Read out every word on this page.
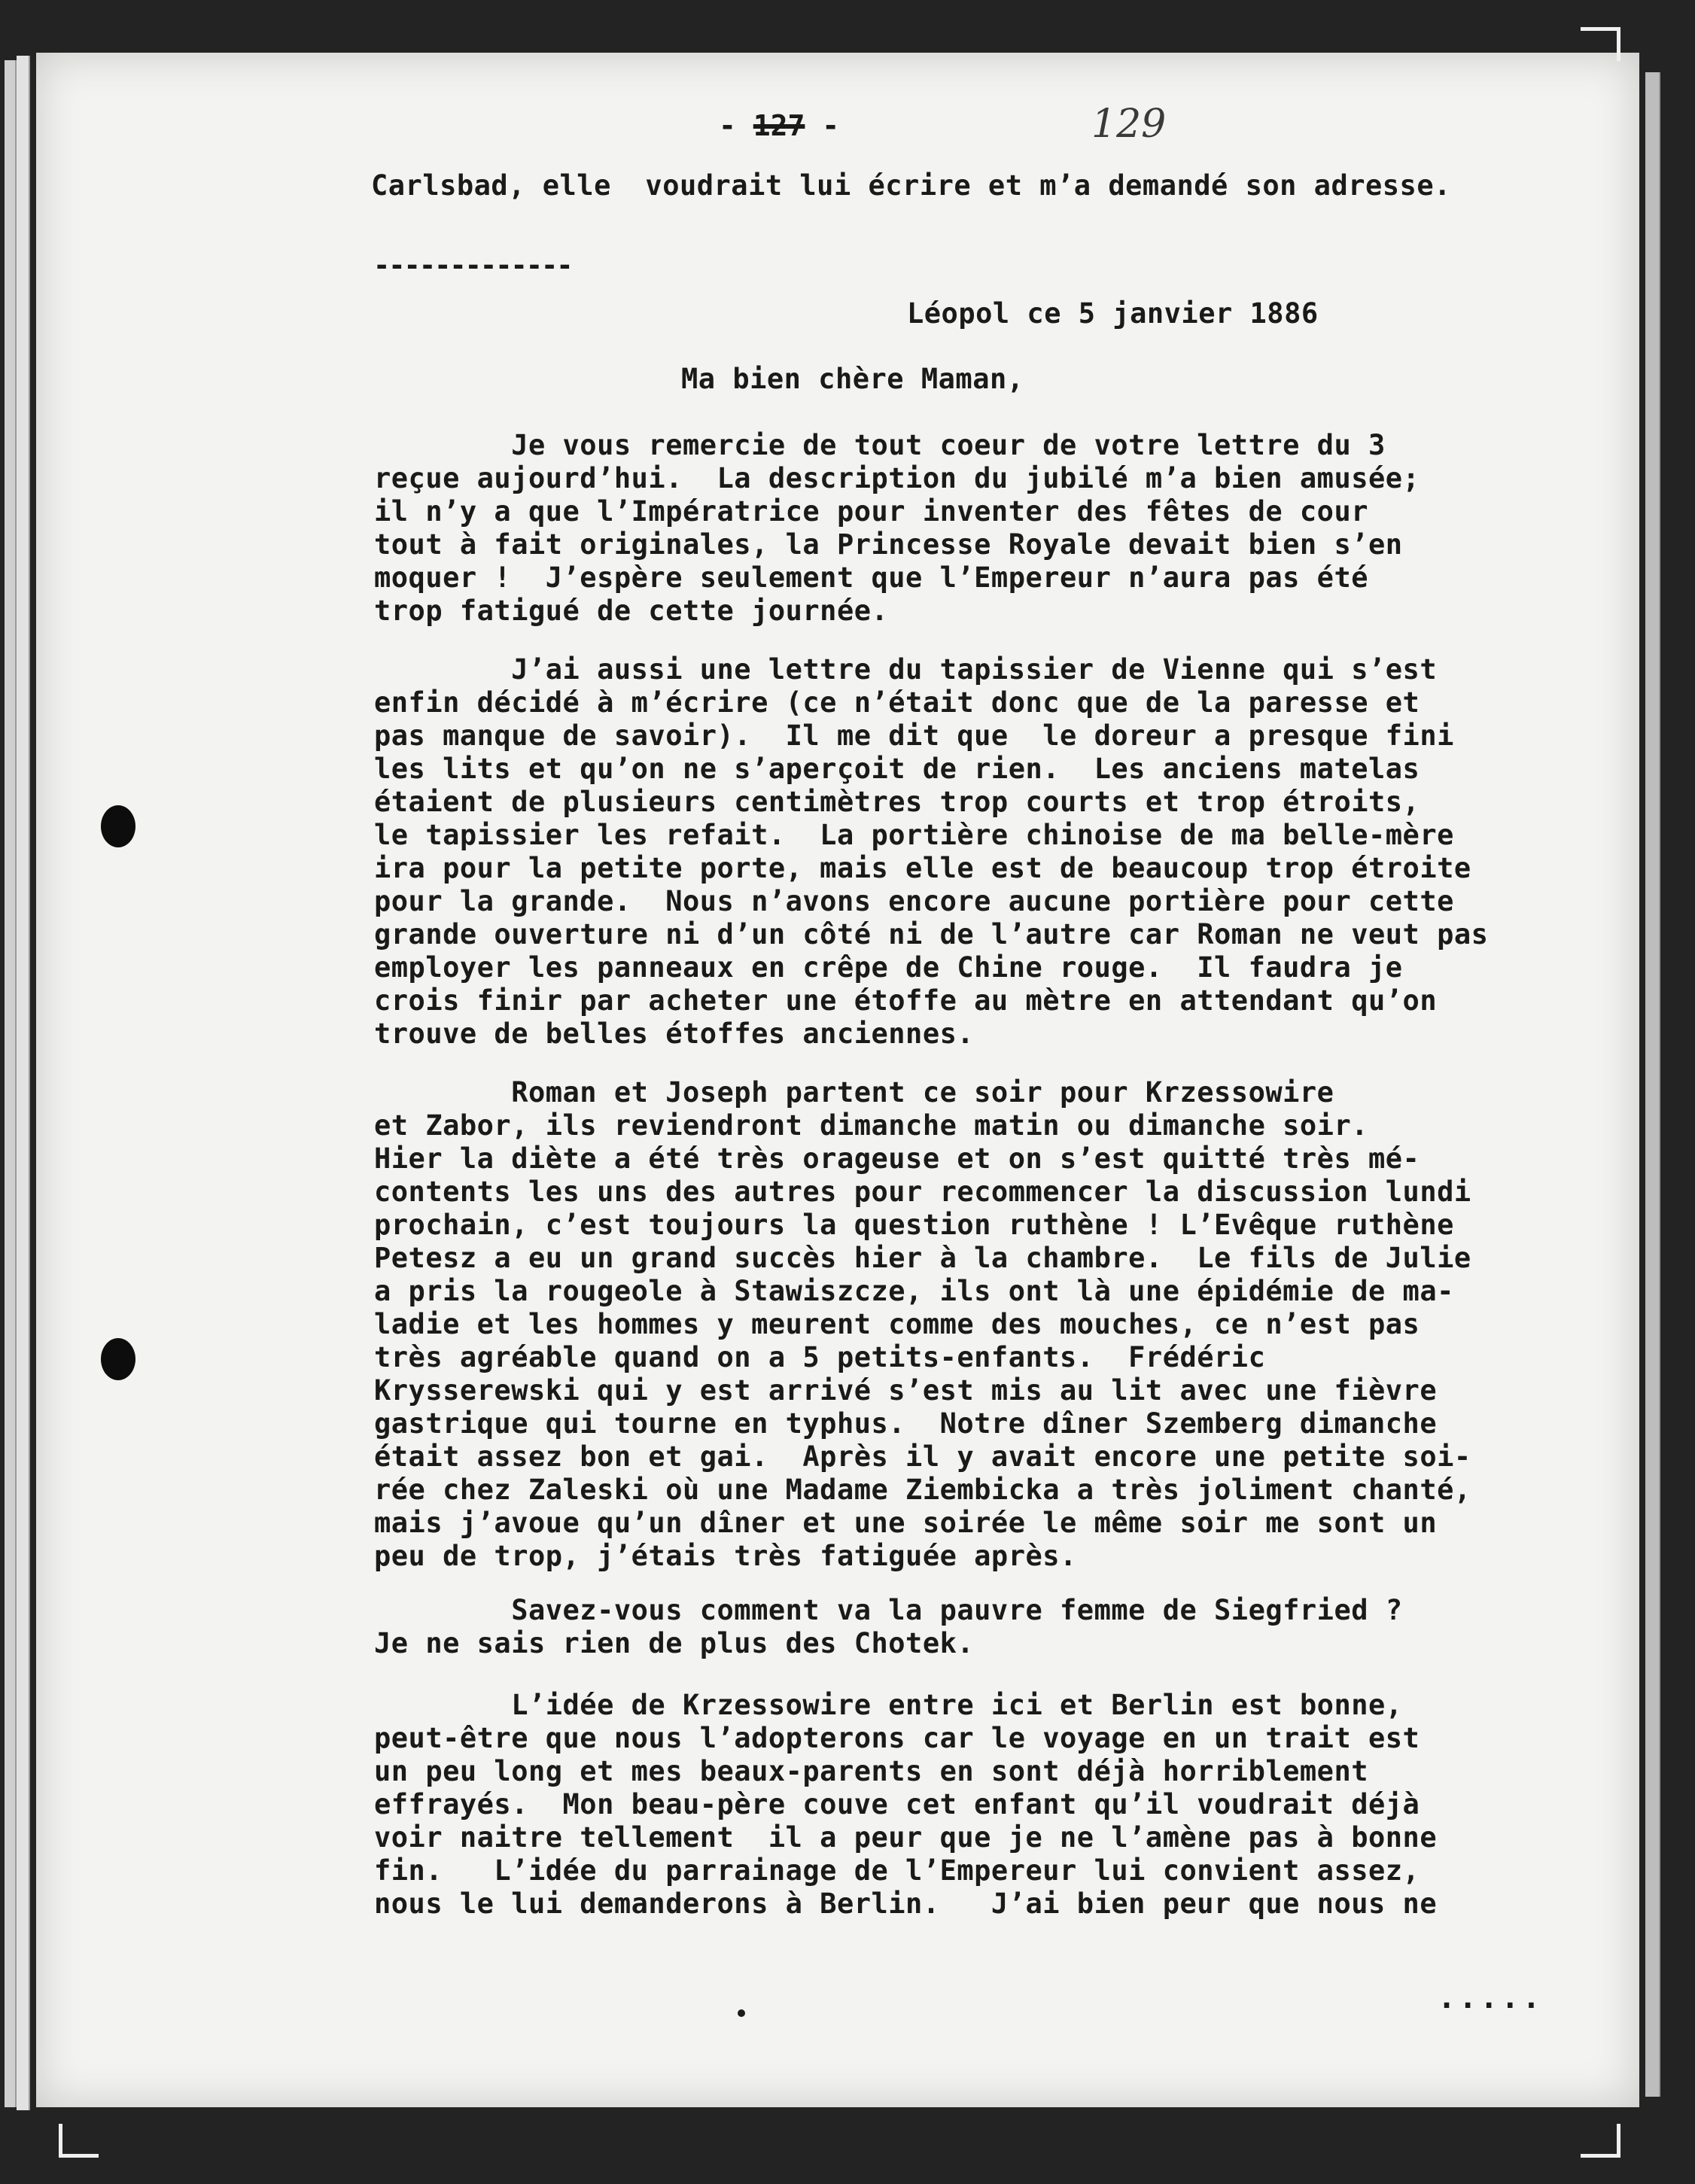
- 127 -	129
Carlsbad, elle  voudrait lui écrire et m’a demandé son adresse.
-------------
Léopol ce 5 janvier 1886
Ma bien chère Maman,
Je vous remercie de tout coeur de votre lettre du 3
reçue aujourd’hui.  La description du jubilé m’a bien amusée;
il n’y a que l’Impératrice pour inventer des fêtes de cour
tout à fait originales, la Princesse Royale devait bien s’en
moquer !  J’espère seulement que l’Empereur n’aura pas été
trop fatigué de cette journée.
J’ai aussi une lettre du tapissier de Vienne qui s’est
enfin décidé à m’écrire (ce n’était donc que de la paresse et
pas manque de savoir).  Il me dit que  le doreur a presque fini
les lits et qu’on ne s’aperçoit de rien.  Les anciens matelas
étaient de plusieurs centimètres trop courts et trop étroits,
le tapissier les refait.  La portière chinoise de ma belle-mère
ira pour la petite porte, mais elle est de beaucoup trop étroite
pour la grande.  Nous n’avons encore aucune portière pour cette
grande ouverture ni d’un côté ni de l’autre car Roman ne veut pas
employer les panneaux en crêpe de Chine rouge.  Il faudra je
crois finir par acheter une étoffe au mètre en attendant qu’on
trouve de belles étoffes anciennes.
Roman et Joseph partent ce soir pour Krzessowire
et Zabor, ils reviendront dimanche matin ou dimanche soir.
Hier la diète a été très orageuse et on s’est quitté très mé-
contents les uns des autres pour recommencer la discussion lundi
prochain, c’est toujours la question ruthène ! L’Evêque ruthène
Petesz a eu un grand succès hier à la chambre.  Le fils de Julie
a pris la rougeole à Stawiszcze, ils ont là une épidémie de ma-
ladie et les hommes y meurent comme des mouches, ce n’est pas
très agréable quand on a 5 petits-enfants.  Frédéric
Krysserewski qui y est arrivé s’est mis au lit avec une fièvre
gastrique qui tourne en typhus.  Notre dîner Szemberg dimanche
était assez bon et gai.  Après il y avait encore une petite soi-
rée chez Zaleski où une Madame Ziembicka a très joliment chanté,
mais j’avoue qu’un dîner et une soirée le même soir me sont un
peu de trop, j’étais très fatiguée après.
Savez-vous comment va la pauvre femme de Siegfried ?
Je ne sais rien de plus des Chotek.
L’idée de Krzessowire entre ici et Berlin est bonne,
peut-être que nous l’adopterons car le voyage en un trait est
un peu long et mes beaux-parents en sont déjà horriblement
effrayés.  Mon beau-père couve cet enfant qu’il voudrait déjà
voir naitre tellement  il a peur que je ne l’amène pas à bonne
fin.   L’idée du parrainage de l’Empereur lui convient assez,
nous le lui demanderons à Berlin.   J’ai bien peur que nous ne
.....
